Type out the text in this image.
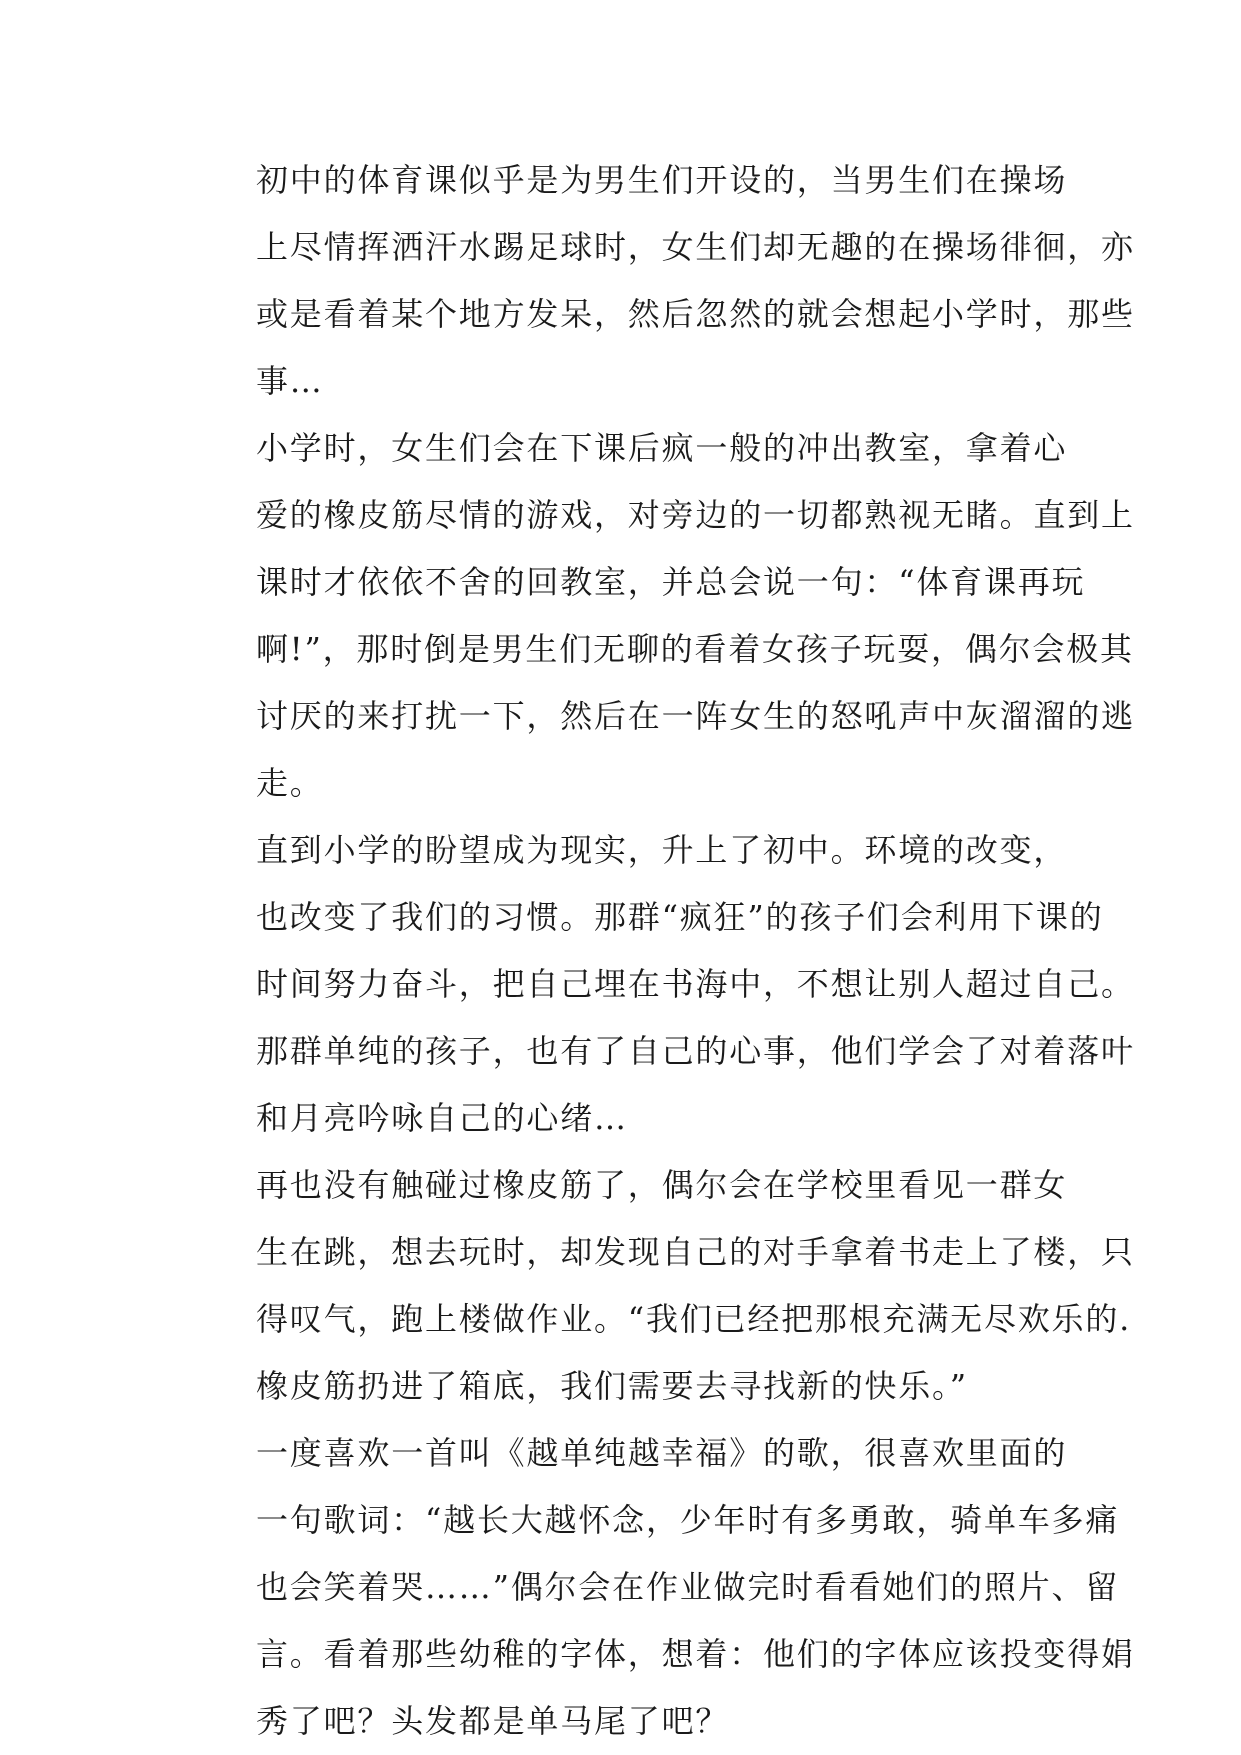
初中的体育课似乎是为男生们开设的，当男生们在操场
上尽情挥洒汗水踢足球时，女生们却无趣的在操场徘徊，亦
或是看着某个地方发呆，然后忽然的就会想起小学时，那些
事…

小学时，女生们会在下课后疯一般的冲出教室，拿着心
爱的橡皮筋尽情的游戏，对旁边的一切都熟视无睹。直到上
课时才依依不舍的回教室，并总会说一句：“体育课再玩
啊!”，那时倒是男生们无聊的看着女孩子玩耍，偶尔会极其
讨厌的来打扰一下，然后在一阵女生的怒吼声中灰溜溜的逃
走。

直到小学的盼望成为现实，升上了初中。环境的改变，
也改变了我们的习惯。那群“疯狂”的孩子们会利用下课的
时间努力奋斗，把自己埋在书海中，不想让别人超过自己。
那群单纯的孩子，也有了自己的心事，他们学会了对着落叶
和月亮吟咏自己的心绪…

再也没有触碰过橡皮筋了，偶尔会在学校里看见一群女
生在跳，想去玩时，却发现自己的对手拿着书走上了楼，只
得叹气，跑上楼做作业。“我们已经把那根充满无尽欢乐的.
橡皮筋扔进了箱底，我们需要去寻找新的快乐。”

一度喜欢一首叫《越单纯越幸福》的歌，很喜欢里面的
一句歌词：“越长大越怀念，少年时有多勇敢，骑单车多痛
也会笑着哭……”偶尔会在作业做完时看看她们的照片、留
言。看着那些幼稚的字体，想着：他们的字体应该投变得娟
秀了吧？头发都是单马尾了吧？
